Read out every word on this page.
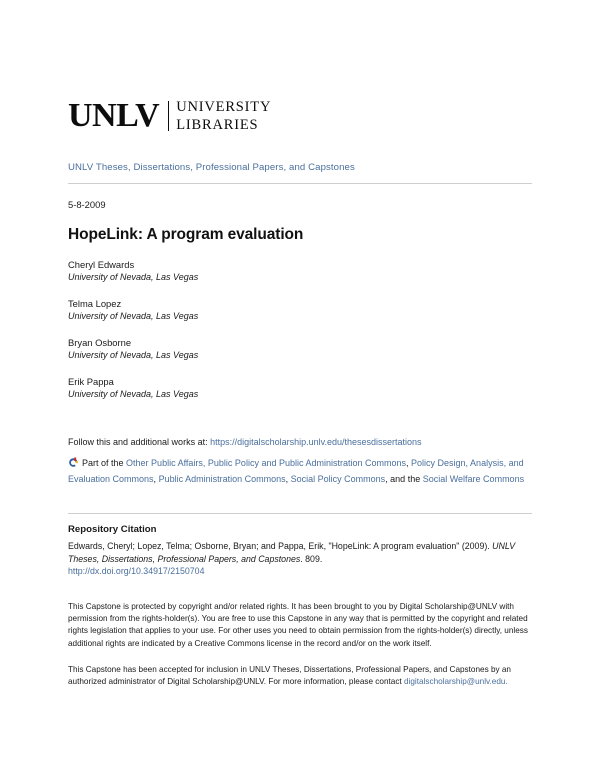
UNLV UNIVERSITY
LIBRARIES
UNLV Theses, Dissertations, Professional Papers, and Capstones
5-8-2009
HopeLink: A program evaluation
Cheryl Edwards
University of Nevada, Las Vegas
Telma Lopez
University of Nevada, Las Vegas
Bryan Osborne
University of Nevada, Las Vegas
Erik Pappa
University of Nevada, Las Vegas
Follow this and additional works at: https://digitalscholarship.unlv.edu/thesesdissertations
Part of the Other Public Affairs, Public Policy and Public Administration Commons, Policy Design, Analysis, and Evaluation Commons, Public Administration Commons, Social Policy Commons, and the Social Welfare Commons
Repository Citation
Edwards, Cheryl; Lopez, Telma; Osborne, Bryan; and Pappa, Erik, "HopeLink: A program evaluation" (2009). UNLV Theses, Dissertations, Professional Papers, and Capstones. 809.
http://dx.doi.org/10.34917/2150704

This Capstone is protected by copyright and/or related rights. It has been brought to you by Digital Scholarship@UNLV with permission from the rights-holder(s). You are free to use this Capstone in any way that is permitted by the copyright and related rights legislation that applies to your use. For other uses you need to obtain permission from the rights-holder(s) directly, unless additional rights are indicated by a Creative Commons license in the record and/or on the work itself.

This Capstone has been accepted for inclusion in UNLV Theses, Dissertations, Professional Papers, and Capstones by an authorized administrator of Digital Scholarship@UNLV. For more information, please contact digitalscholarship@unlv.edu.
